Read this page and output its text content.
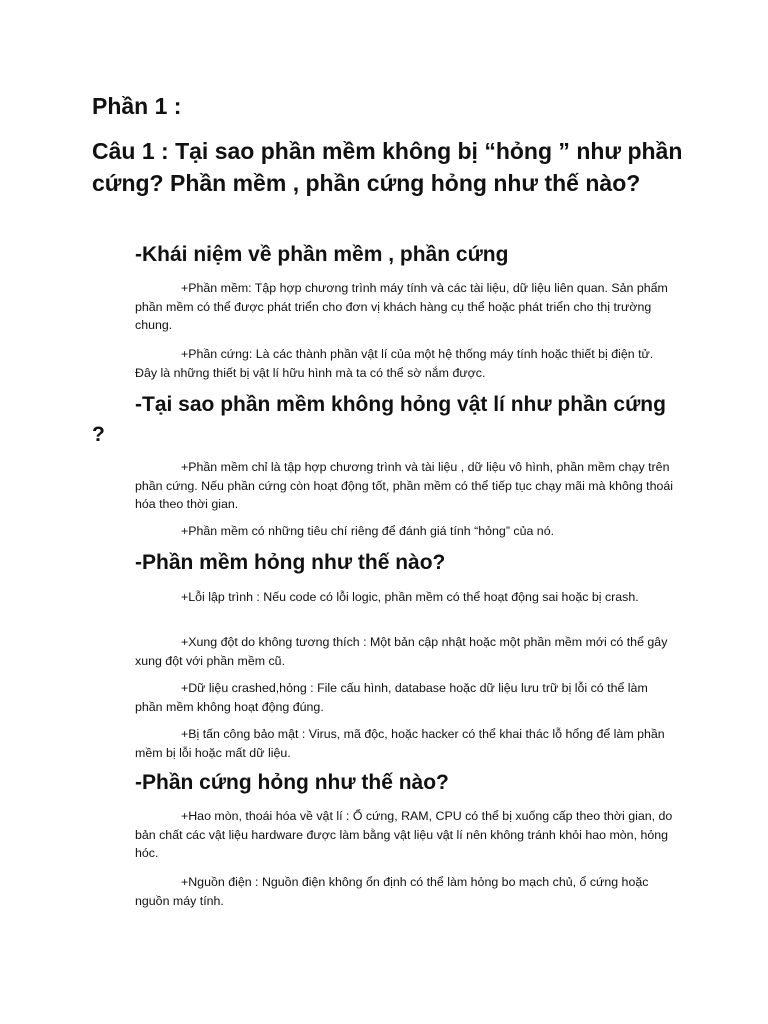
Phần 1 :
Câu 1 : Tại sao phần mềm không bị “hỏng ” như phần cứng? Phần mềm , phần cứng hỏng như thế nào?
-Khái niệm về phần mềm , phần cứng

+Phần mềm: Tập hợp chương trình máy tính và các tài liệu, dữ liệu liên quan. Sản phẩm phần mềm có thể được phát triển cho đơn vị khách hàng cụ thể hoặc phát triển cho thị trường chung.

+Phần cứng: Là các thành phần vật lí của một hệ thống máy tính hoặc thiết bị điện tử. Đây là những thiết bị vật lí hữu hình mà ta có thể sờ nắm được.

-Tại sao phần mềm không hỏng vật lí như phần cứng ?

+Phần mềm chỉ là tập hợp chương trình và tài liệu , dữ liệu vô hình, phần mềm chạy trên phần cứng. Nếu phần cứng còn hoạt động tốt, phần mềm có thể tiếp tục chạy mãi mà không thoái hóa theo thời gian.

+Phần mềm có những tiêu chí riêng để đánh giá tính “hỏng” của nó.

-Phần mềm hỏng như thế nào?

+Lỗi lập trình : Nếu code có lỗi logic, phần mềm có thể hoạt động sai hoặc bị crash.

+Xung đột do không tương thích : Một bản cập nhật hoặc một phần mềm mới có thể gây xung đột với phần mềm cũ.

+Dữ liệu crashed,hỏng : File cấu hình, database hoặc dữ liệu lưu trữ bị lỗi có thể làm phần mềm không hoạt động đúng.

+Bị tấn công bảo mật : Virus, mã độc, hoặc hacker có thể khai thác lỗ hổng để làm phần mềm bị lỗi hoặc mất dữ liệu.

-Phần cứng hỏng như thế nào?

+Hao mòn, thoái hóa về vật lí : Ổ cứng, RAM, CPU có thể bị xuống cấp theo thời gian, do bản chất các vật liệu hardware được làm bằng vật liệu vật lí nên không tránh khỏi hao mòn, hỏng hóc.

+Nguồn điện : Nguồn điện không ổn định có thể làm hỏng bo mạch chủ, ổ cứng hoặc nguồn máy tính.
